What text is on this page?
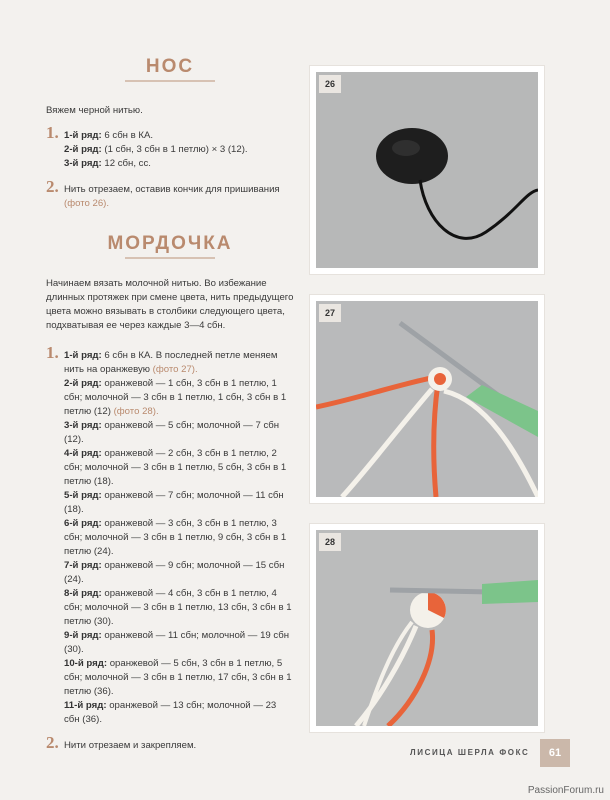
НОС

Вяжем черной нитью.

1. 1-й ряд: 6 сбн в КА.
2-й ряд: (1 сбн, 3 сбн в 1 петлю) × 3 (12).
3-й ряд: 12 сбн, сс.
2. Нить отрезаем, оставив кончик для пришивания (фото 26).
МОРДОЧКА

Начинаем вязать молочной нитью. Во избежание длинных протяжек при смене цвета, нить предыдущего цвета можно вязывать в столбики следующего цвета, подхватывая ее через каждые 3—4 сбн.

1. 1-й ряд: 6 сбн в КА. В последней петле меняем нить на оранжевую (фото 27).
2-й ряд: оранжевой — 1 сбн, 3 сбн в 1 петлю, 1 сбн; молочной — 3 сбн в 1 петлю, 1 сбн, 3 сбн в 1 петлю (12) (фото 28).
3-й ряд: оранжевой — 5 сбн; молочной — 7 сбн (12).
4-й ряд: оранжевой — 2 сбн, 3 сбн в 1 петлю, 2 сбн; молочной — 3 сбн в 1 петлю, 5 сбн, 3 сбн в 1 петлю (18).
5-й ряд: оранжевой — 7 сбн; молочной — 11 сбн (18).
6-й ряд: оранжевой — 3 сбн, 3 сбн в 1 петлю, 3 сбн; молочной — 3 сбн в 1 петлю, 9 сбн, 3 сбн в 1 петлю (24).
7-й ряд: оранжевой — 9 сбн; молочной — 15 сбн (24).
8-й ряд: оранжевой — 4 сбн, 3 сбн в 1 петлю, 4 сбн; молочной — 3 сбн в 1 петлю, 13 сбн, 3 сбн в 1 петлю (30).
9-й ряд: оранжевой — 11 сбн; молочной — 19 сбн (30).
10-й ряд: оранжевой — 5 сбн, 3 сбн в 1 петлю, 5 сбн; молочной — 3 сбн в 1 петлю, 17 сбн, 3 сбн в 1 петлю (36).
11-й ряд: оранжевой — 13 сбн; молочной — 23 сбн (36).
2. Нити отрезаем и закрепляем.
26
27
28
ЛИСИЦА ШЕРЛА ФОКС	61
PassionForum.ru
